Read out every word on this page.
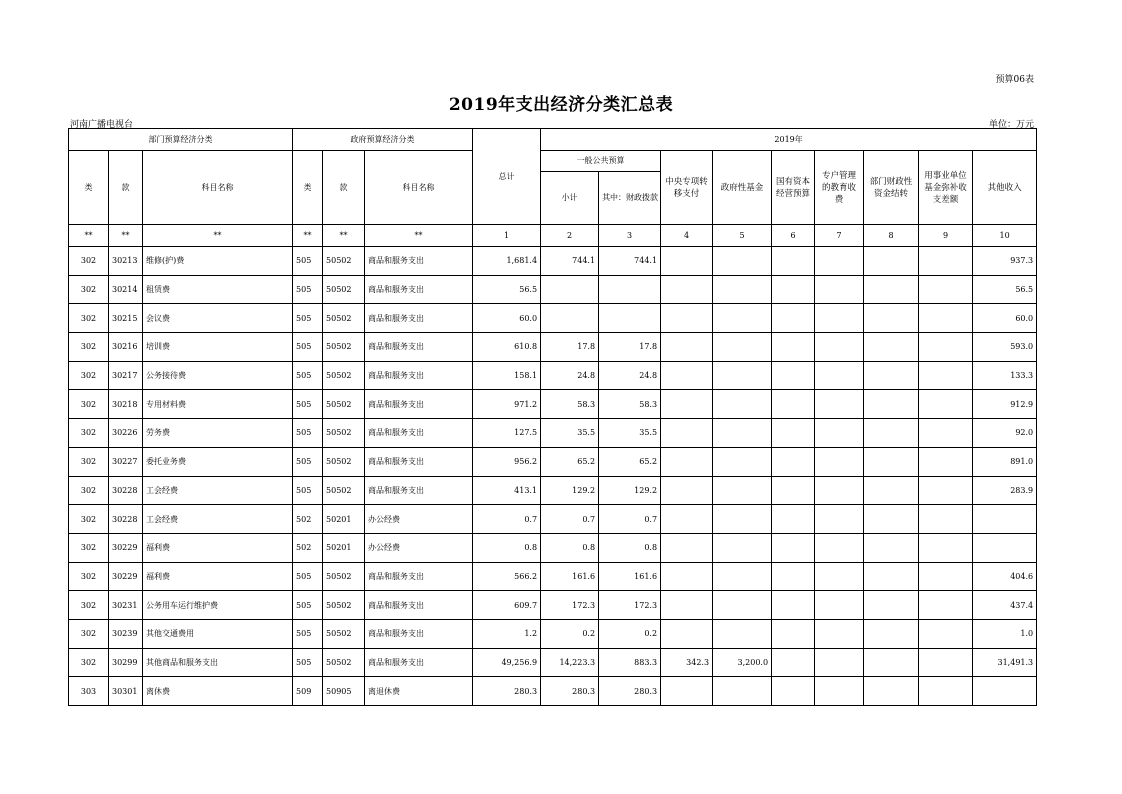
预算06表
2019年支出经济分类汇总表
河南广播电视台	单位：万元
部门预算经济分类			政府预算经济分类			总计	2019年								
类	款	科目名称	类	款	科目名称		一般公共预算		中央专项转移支付	政府性基金	国有资本经营预算	专户管理的教育收费	部门财政性资金结转	用事业单位基金弥补收支差额	其他收入
							小计	其中：财政拨款							
**	**	**	**	**	**	1	2	3	4	5	6	7	8	9	10
302	30213	维修(护)费	505	50502	商品和服务支出	1,681.4	744.1	744.1							937.3
302	30214	租赁费	505	50502	商品和服务支出	56.5									56.5
302	30215	会议费	505	50502	商品和服务支出	60.0									60.0
302	30216	培训费	505	50502	商品和服务支出	610.8	17.8	17.8							593.0
302	30217	公务接待费	505	50502	商品和服务支出	158.1	24.8	24.8							133.3
302	30218	专用材料费	505	50502	商品和服务支出	971.2	58.3	58.3							912.9
302	30226	劳务费	505	50502	商品和服务支出	127.5	35.5	35.5							92.0
302	30227	委托业务费	505	50502	商品和服务支出	956.2	65.2	65.2							891.0
302	30228	工会经费	505	50502	商品和服务支出	413.1	129.2	129.2							283.9
302	30228	工会经费	502	50201	办公经费	0.7	0.7	0.7							
302	30229	福利费	502	50201	办公经费	0.8	0.8	0.8							
302	30229	福利费	505	50502	商品和服务支出	566.2	161.6	161.6							404.6
302	30231	公务用车运行维护费	505	50502	商品和服务支出	609.7	172.3	172.3							437.4
302	30239	其他交通费用	505	50502	商品和服务支出	1.2	0.2	0.2							1.0
302	30299	其他商品和服务支出	505	50502	商品和服务支出	49,256.9	14,223.3	883.3	342.3	3,200.0					31,491.3
303	30301	离休费	509	50905	离退休费	280.3	280.3	280.3							
